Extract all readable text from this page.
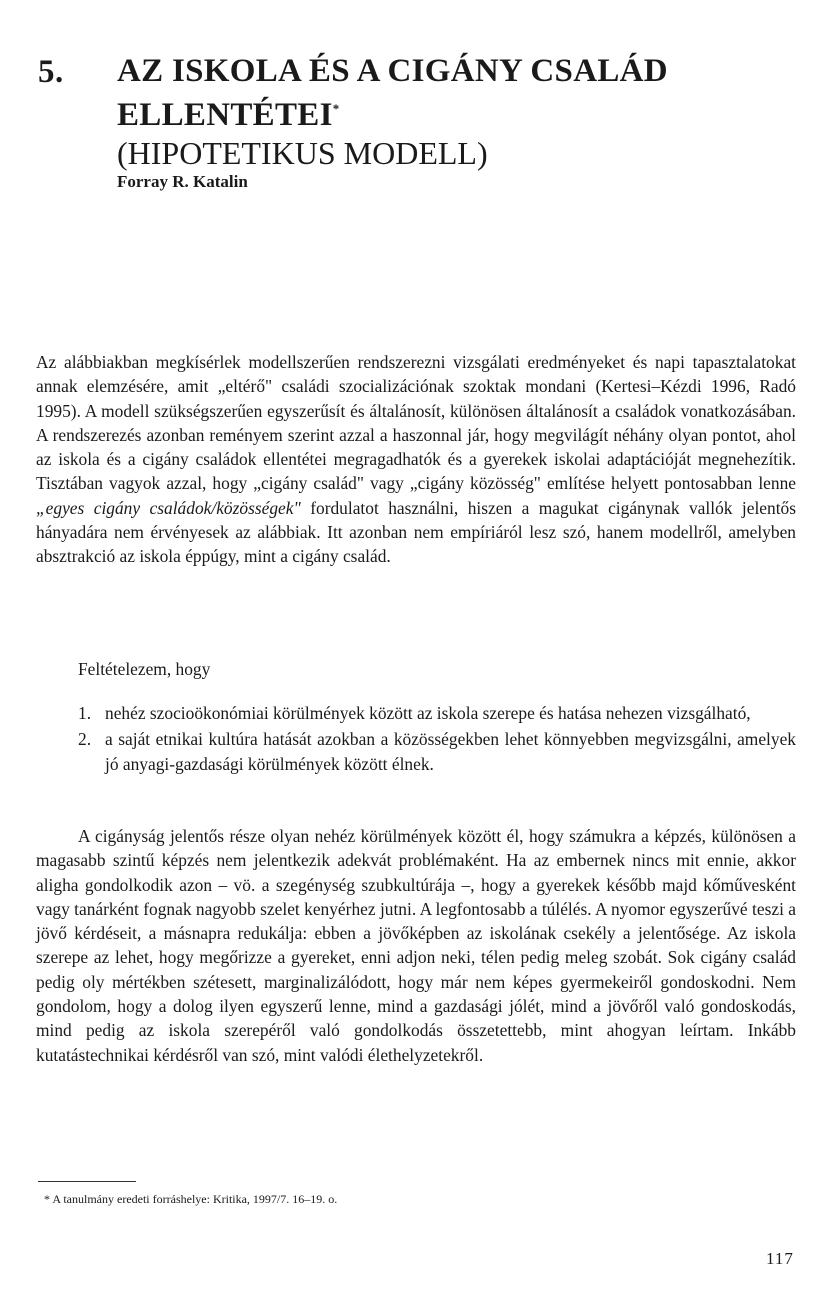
5. AZ ISKOLA ÉS A CIGÁNY CSALÁD
ELLENTÉTEI*
(HIPOTETIKUS MODELL)
Forray R. Katalin

Az alábbiakban megkísérlek modellszerűen rendszerezni vizsgálati eredményeket és napi tapasztalatokat annak elemzésére, amit „eltérő" családi szocializációnak szoktak mondani (Kertesi–Kézdi 1996, Radó 1995). A modell szükségszerűen egyszerűsít és általánosít, különösen általánosít a családok vonatkozásában. A rendszerezés azonban reményem szerint azzal a haszonnal jár, hogy megvilágít néhány olyan pontot, ahol az iskola és a cigány családok ellentétei megragadhatók és a gyerekek iskolai adaptációját megnehezítik. Tisztában vagyok azzal, hogy „cigány család" vagy „cigány közösség" említése helyett pontosabban lenne „egyes cigány családok/közösségek" fordulatot használni, hiszen a magukat cigánynak vallók jelentős hányadára nem érvényesek az alábbiak. Itt azonban nem empíriáról lesz szó, hanem modellről, amelyben absztrakció az iskola éppúgy, mint a cigány család.

Feltételezem, hogy

1. nehéz szocioökonómiai körülmények között az iskola szerepe és hatása nehezen vizsgálható,
2. a saját etnikai kultúra hatását azokban a közösségekben lehet könnyebben megvizsgálni, amelyek jó anyagi-gazdasági körülmények között élnek.

A cigányság jelentős része olyan nehéz körülmények között él, hogy számukra a képzés, különösen a magasabb szintű képzés nem jelentkezik adekvát problémaként. Ha az embernek nincs mit ennie, akkor aligha gondolkodik azon – vö. a szegénység szubkultúrája –, hogy a gyerekek később majd kőművesként vagy tanárként fognak nagyobb szelet kenyérhez jutni. A legfontosabb a túlélés. A nyomor egyszerűvé teszi a jövő kérdéseit, a másnapra redukálja: ebben a jövőképben az iskolának csekély a jelentősége. Az iskola szerepe az lehet, hogy megőrizze a gyereket, enni adjon neki, télen pedig meleg szobát. Sok cigány család pedig oly mértékben szétesett, marginalizálódott, hogy már nem képes gyermekeiről gondoskodni. Nem gondolom, hogy a dolog ilyen egyszerű lenne, mind a gazdasági jólét, mind a jövőről való gondoskodás, mind pedig az iskola szerepéről való gondolkodás összetettebb, mint ahogyan leírtam. Inkább kutatástechnikai kérdésről van szó, mint valódi élethelyzetekről.

* A tanulmány eredeti forráshelye: Kritika, 1997/7. 16–19. o.
117
